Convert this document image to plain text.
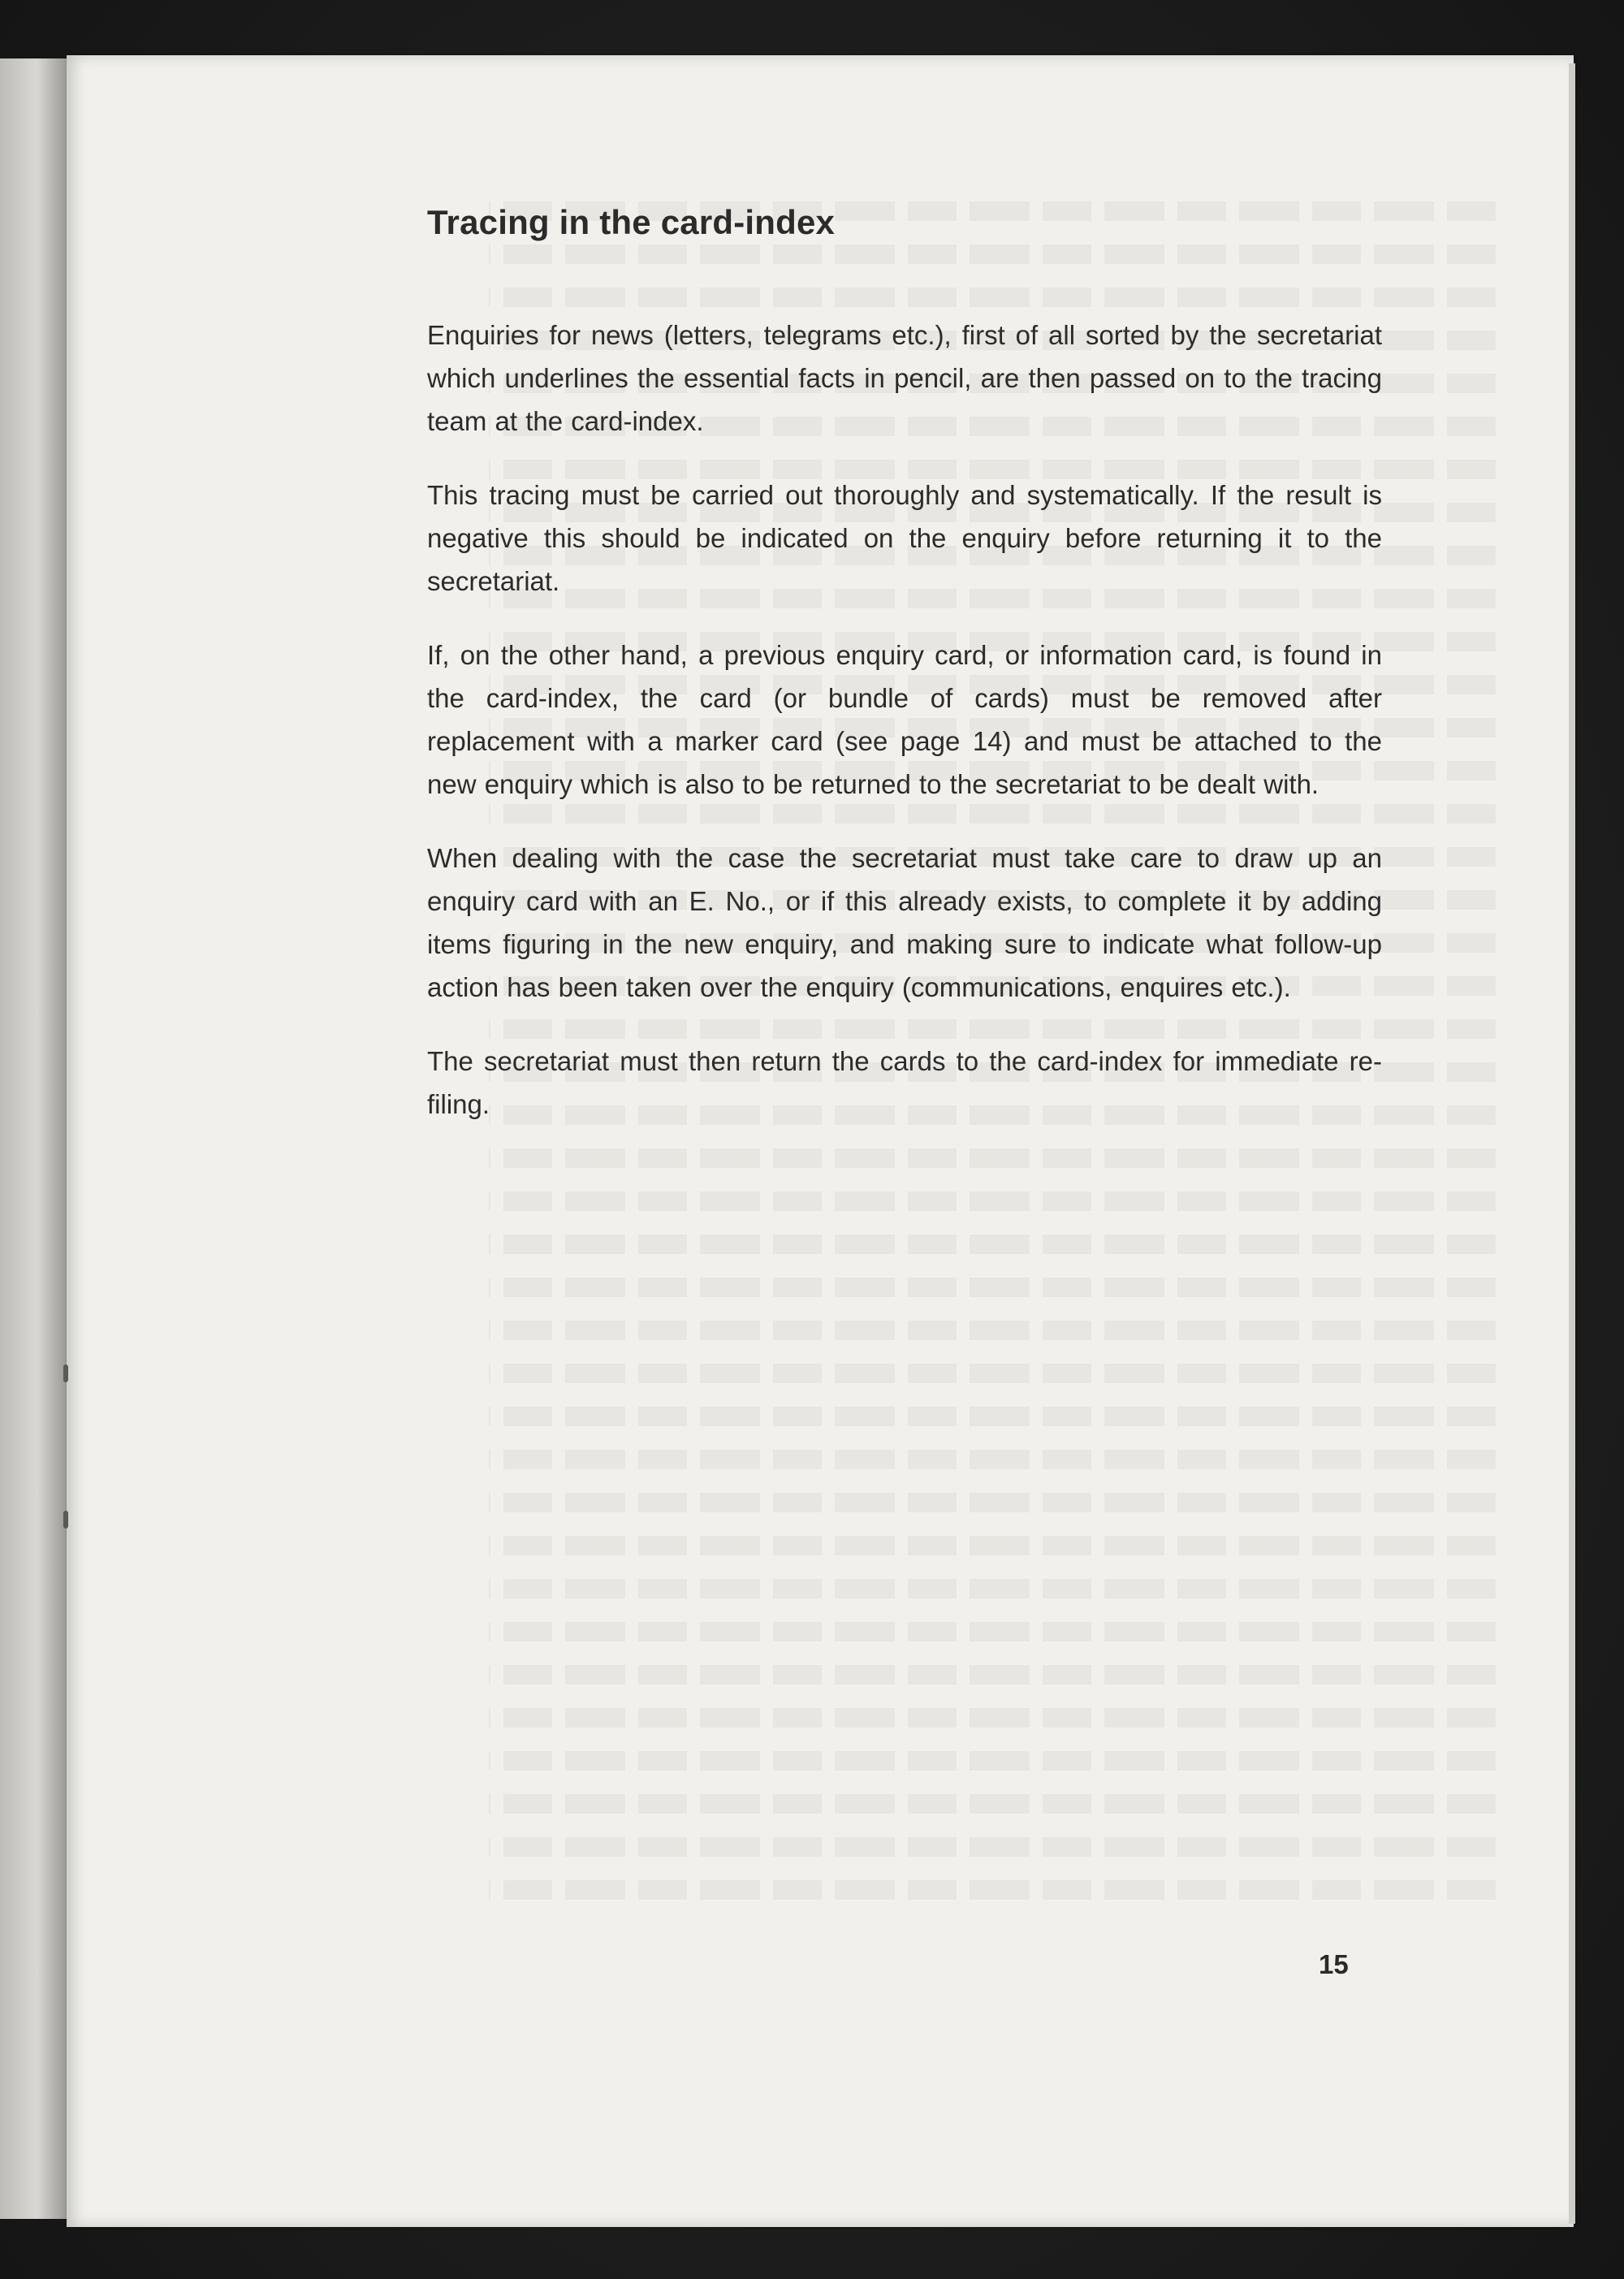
Tracing in the card-index

Enquiries for news (letters, telegrams etc.), first of all sorted by the secretariat which underlines the essential facts in pencil, are then passed on to the tracing team at the card-index.

This tracing must be carried out thoroughly and systematically. If the result is negative this should be indicated on the enquiry before returning it to the secretariat.

If, on the other hand, a previous enquiry card, or information card, is found in the card-index, the card (or bundle of cards) must be removed after replacement with a marker card (see page 14) and must be attached to the new enquiry which is also to be returned to the secretariat to be dealt with.

When dealing with the case the secretariat must take care to draw up an enquiry card with an E. No., or if this already exists, to complete it by adding items figuring in the new enquiry, and making sure to indicate what follow-up action has been taken over the enquiry (communications, enquires etc.).

The secretariat must then return the cards to the card-index for immediate re-filing.

15
